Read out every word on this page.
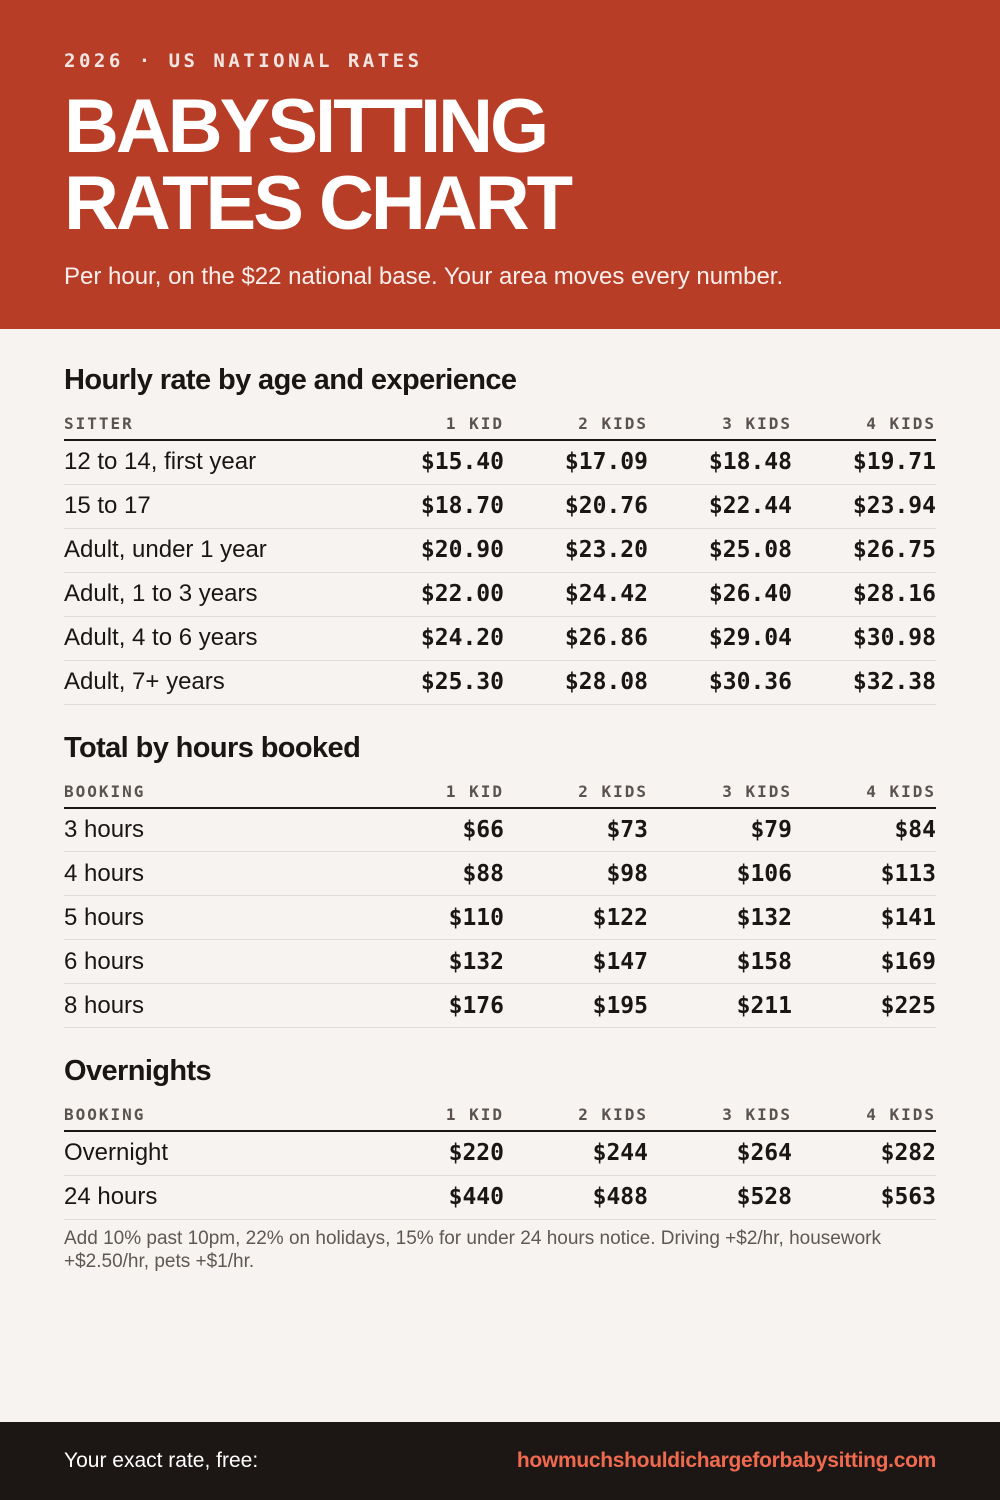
2026 · US NATIONAL RATES
BABYSITTING
RATES CHART

Per hour, on the $22 national base. Your area moves every number.

Hourly rate by age and experience
SITTER	1 KID	2 KIDS	3 KIDS	4 KIDS
12 to 14, first year	$15.40	$17.09	$18.48	$19.71
15 to 17	$18.70	$20.76	$22.44	$23.94
Adult, under 1 year	$20.90	$23.20	$25.08	$26.75
Adult, 1 to 3 years	$22.00	$24.42	$26.40	$28.16
Adult, 4 to 6 years	$24.20	$26.86	$29.04	$30.98
Adult, 7+ years	$25.30	$28.08	$30.36	$32.38
Total by hours booked
BOOKING	1 KID	2 KIDS	3 KIDS	4 KIDS
3 hours	$66	$73	$79	$84
4 hours	$88	$98	$106	$113
5 hours	$110	$122	$132	$141
6 hours	$132	$147	$158	$169
8 hours	$176	$195	$211	$225
Overnights
BOOKING	1 KID	2 KIDS	3 KIDS	4 KIDS
Overnight	$220	$244	$264	$282
24 hours	$440	$488	$528	$563

Add 10% past 10pm, 22% on holidays, 15% for under 24 hours notice. Driving +$2/hr, housework +$2.50/hr, pets +$1/hr.

Your exact rate, free:	howmuchshouldichargeforbabysitting.com
